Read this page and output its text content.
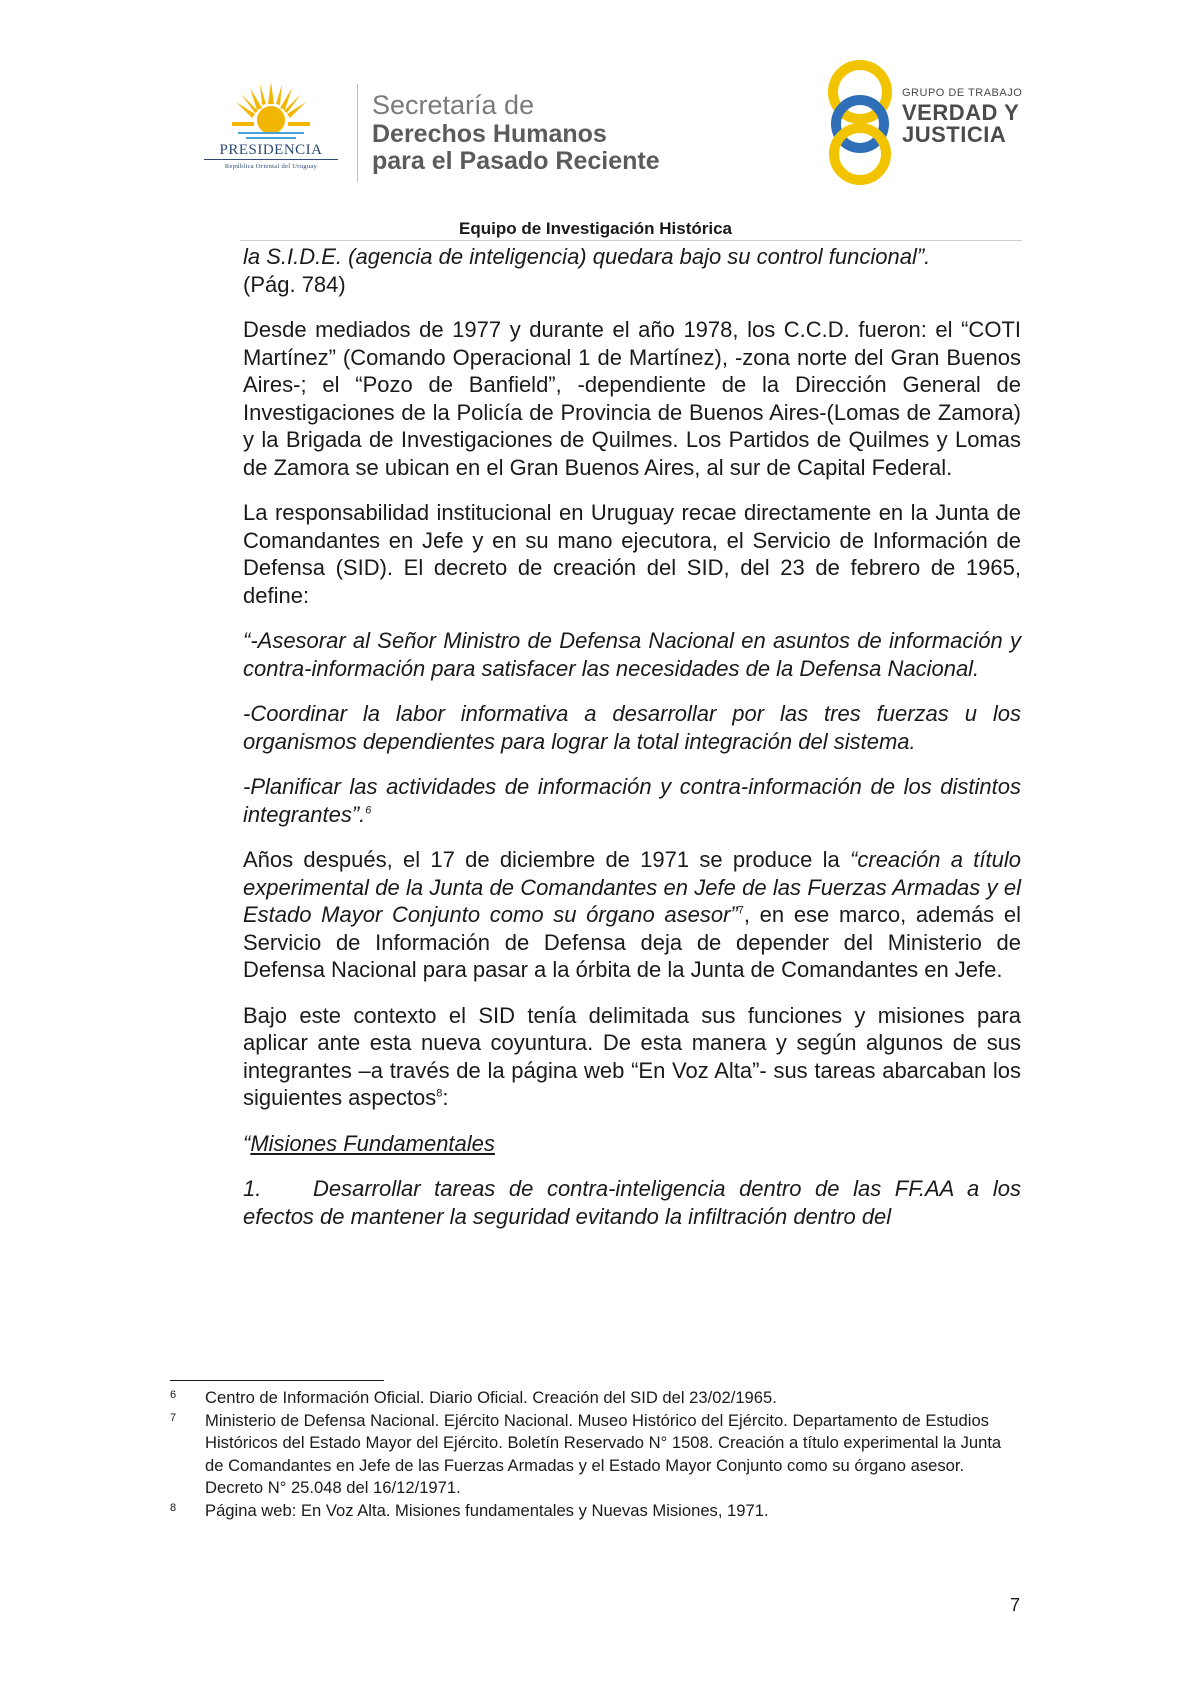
PRESIDENCIA
República Oriental del Uruguay
Secretaría de
Derechos Humanos
para el Pasado Reciente
GRUPO DE TRABAJO
VERDAD Y
JUSTICIA
Equipo de Investigación Histórica

la S.I.D.E. (agencia de inteligencia) quedara bajo su control funcional”.
(Pág. 784)

Desde mediados de 1977 y durante el año 1978, los C.C.D. fueron: el “COTI Martínez” (Comando Operacional 1 de Martínez), -zona norte del Gran Buenos Aires-; el “Pozo de Banfield”, -dependiente de la Dirección General de Investigaciones de la Policía de Provincia de Buenos Aires-(Lomas de Zamora) y la Brigada de Investigaciones de Quilmes. Los Partidos de Quilmes y Lomas de Zamora se ubican en el Gran Buenos Aires, al sur de Capital Federal.

La responsabilidad institucional en Uruguay recae directamente en la Junta de Comandantes en Jefe y en su mano ejecutora, el Servicio de Información de Defensa (SID). El decreto de creación del SID, del 23 de febrero de 1965, define:

“-Asesorar al Señor Ministro de Defensa Nacional en asuntos de información y contra-información para satisfacer las necesidades de la Defensa Nacional.

-Coordinar la labor informativa a desarrollar por las tres fuerzas u los organismos dependientes para lograr la total integración del sistema.

-Planificar las actividades de información y contra-información de los distintos integrantes”.$^6$

Años después, el 17 de diciembre de 1971 se produce la “creación a título experimental de la Junta de Comandantes en Jefe de las Fuerzas Armadas y el Estado Mayor Conjunto como su órgano asesor”$^7$, en ese marco, además el Servicio de Información de Defensa deja de depender del Ministerio de Defensa Nacional para pasar a la órbita de la Junta de Comandantes en Jefe.

Bajo este contexto el SID tenía delimitada sus funciones y misiones para aplicar ante esta nueva coyuntura. De esta manera y según algunos de sus integrantes –a través de la página web “En Voz Alta”- sus tareas abarcaban los siguientes aspectos$^8$:

“Misiones Fundamentales

1. Desarrollar tareas de contra-inteligencia dentro de las FF.AA a los efectos de mantener la seguridad evitando la infiltración dentro del

6 Centro de Información Oficial. Diario Oficial. Creación del SID del 23/02/1965.
7 Ministerio de Defensa Nacional. Ejército Nacional. Museo Histórico del Ejército. Departamento de Estudios Históricos del Estado Mayor del Ejército. Boletín Reservado N° 1508. Creación a título experimental la Junta de Comandantes en Jefe de las Fuerzas Armadas y el Estado Mayor Conjunto como su órgano asesor. Decreto N° 25.048 del 16/12/1971.
8 Página web: En Voz Alta. Misiones fundamentales y Nuevas Misiones, 1971.
7
